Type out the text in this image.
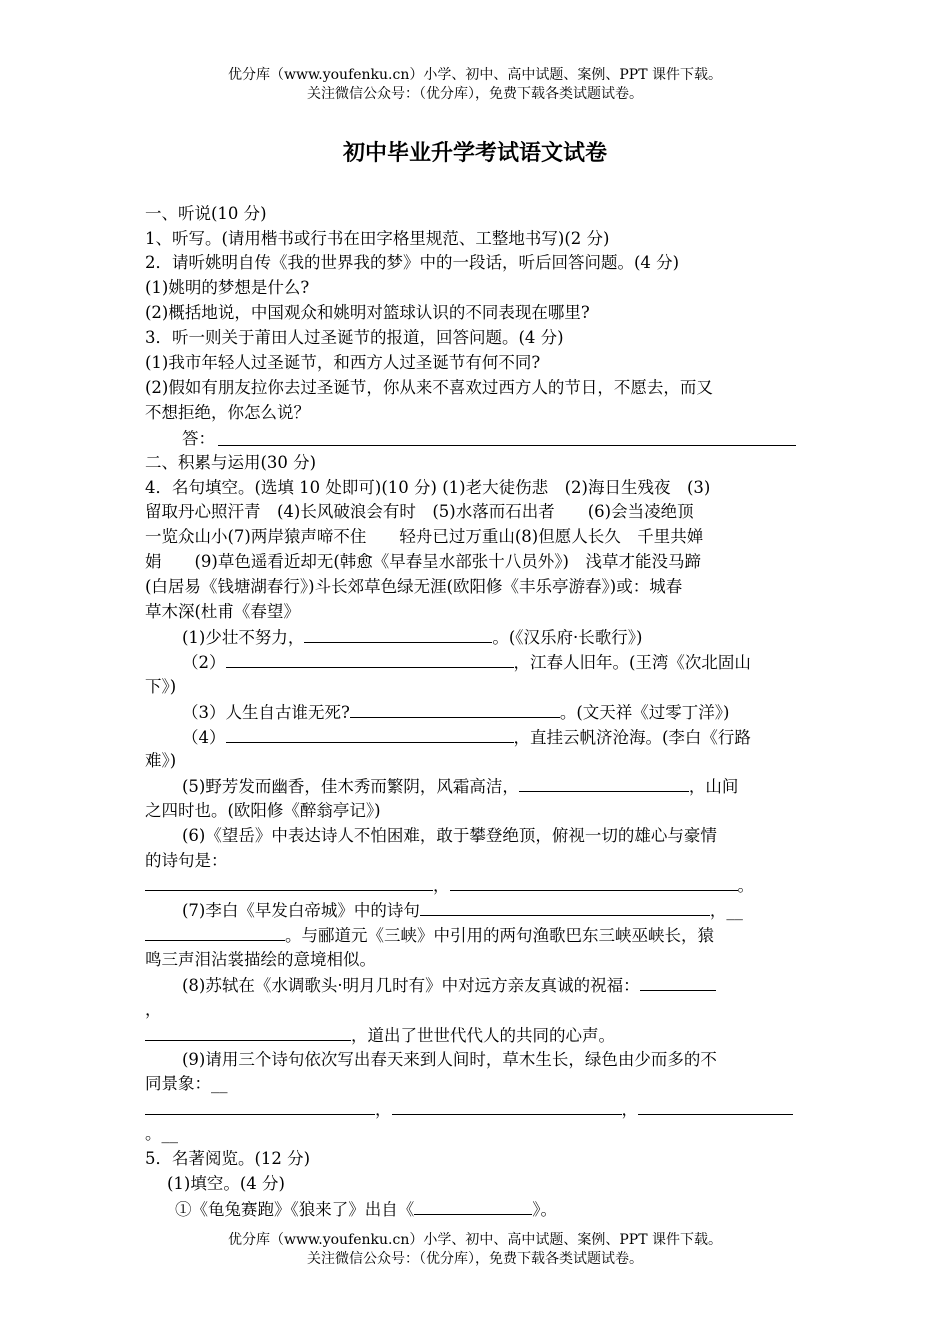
优分库（www.youfenku.cn）小学、初中、高中试题、案例、PPT 课件下载。
关注微信公众号：（优分库），免费下载各类试题试卷。
初中毕业升学考试语文试卷
一、听说(10 分)
1、听写。(请用楷书或行书在田字格里规范、工整地书写)(2 分)
2．请听姚明自传《我的世界我的梦》中的一段话，听后回答问题。(4 分)
(1)姚明的梦想是什么?
(2)概括地说，中国观众和姚明对篮球认识的不同表现在哪里?
3．听一则关于莆田人过圣诞节的报道，回答问题。(4 分)
(1)我市年轻人过圣诞节，和西方人过圣诞节有何不同?
(2)假如有朋友拉你去过圣诞节，你从来不喜欢过西方人的节日，不愿去，而又
不想拒绝，你怎么说？
答：
二、积累与运用(30 分)
4．名句填空。(选填 10 处即可)(10 分) (1)老大徒伤悲　(2)海日生残夜　(3)
留取丹心照汗青　(4)长风破浪会有时　(5)水落而石出者　　(6)会当凌绝顶
一览众山小(7)两岸猿声啼不住　　轻舟已过万重山(8)但愿人长久　千里共婵
娟　　(9)草色遥看近却无(韩愈《早春呈水部张十八员外》)　浅草才能没马蹄
(白居易《钱塘湖春行》)斗长郊草色绿无涯(欧阳修《丰乐亭游春》)或：城春
草木深(杜甫《春望》
(1)少壮不努力，	。(《汉乐府·长歌行》)
（2）	，江春人旧年。(王湾《次北固山
下》)
（3）人生自古谁无死?	。(文天祥《过零丁洋》)
（4）	，直挂云帆济沧海。(李白《行路
难》)
(5)野芳发而幽香，佳木秀而繁阴，风霜高洁，	，山间
之四时也。(欧阳修《醉翁亭记》)
(6)《望岳》中表达诗人不怕困难，敢于攀登绝顶，俯视一切的雄心与豪情
的诗句是：
，	。
(7)李白《早发白帝城》中的诗句	，__
。与郦道元《三峡》中引用的两句渔歌巴东三峡巫峡长，猿
鸣三声泪沾裳描绘的意境相似。
(8)苏轼在《水调歌头·明月几时有》中对远方亲友真诚的祝福：
，
，道出了世世代代人的共同的心声。
(9)请用三个诗句依次写出春天来到人间时，草木生长，绿色由少而多的不
同景象：__
，	，
。__
5．名著阅览。(12 分)
(1)填空。(4 分)
①《龟兔赛跑》《狼来了》出自《	》。
优分库（www.youfenku.cn）小学、初中、高中试题、案例、PPT 课件下载。
关注微信公众号：（优分库），免费下载各类试题试卷。
